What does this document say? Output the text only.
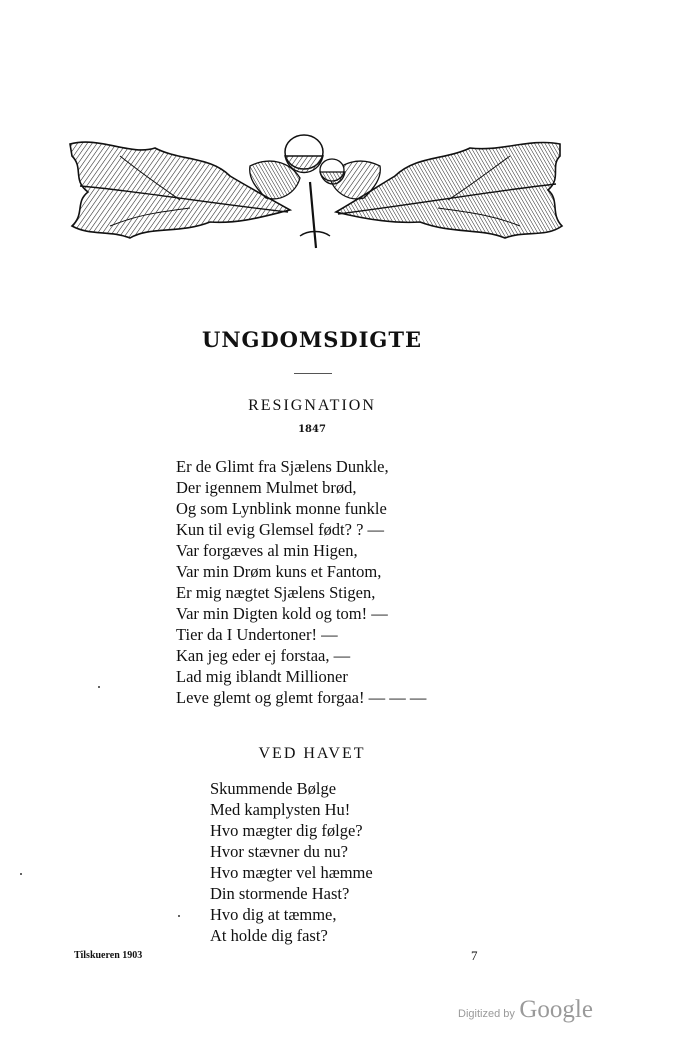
UNGDOMSDIGTE
RESIGNATION
1847
Er de Glimt fra Sjælens Dunkle,
Der igennem Mulmet brød,
Og som Lynblink monne funkle
Kun til evig Glemsel født? ? —
Var forgæves al min Higen,
Var min Drøm kuns et Fantom,
Er mig nægtet Sjælens Stigen,
Var min Digten kold og tom! —
Tier da I Undertoner! —
Kan jeg eder ej forstaa, —
Lad mig iblandt Millioner
Leve glemt og glemt forgaa! — — —
VED HAVET
Skummende Bølge
Med kamplysten Hu!
Hvo mægter dig følge?
Hvor stævner du nu?
Hvo mægter vel hæmme
Din stormende Hast?
Hvo dig at tæmme,
At holde dig fast?
Tilskueren 1903	7
Digitized by Google
